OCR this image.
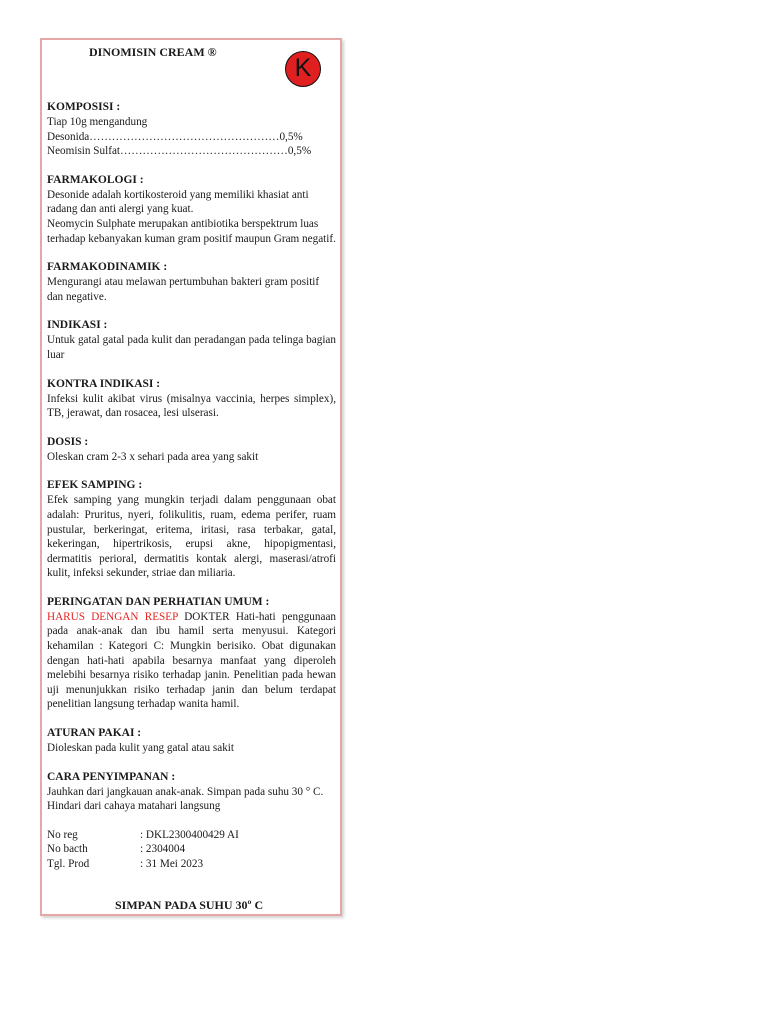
DINOMISIN CREAM ®
K
KOMPOSISI :
Tiap 10g mengandung
Desonida……………………………………………0,5%
Neomisin Sulfat………………………………………0,5%
FARMAKOLOGI :
Desonide adalah kortikosteroid yang memiliki khasiat anti radang dan anti alergi yang kuat.
Neomycin Sulphate merupakan antibiotika berspektrum luas terhadap kebanyakan kuman gram positif maupun Gram negatif.
FARMAKODINAMIK :
Mengurangi atau melawan pertumbuhan bakteri gram positif dan negative.
INDIKASI :
Untuk gatal gatal pada kulit dan peradangan pada telinga bagian luar
KONTRA INDIKASI :
Infeksi kulit akibat virus (misalnya vaccinia, herpes simplex), TB, jerawat, dan rosacea, lesi ulserasi.
DOSIS :
Oleskan cram 2-3 x sehari pada area yang sakit
EFEK SAMPING :
Efek samping yang mungkin terjadi dalam penggunaan obat adalah: Pruritus, nyeri, folikulitis, ruam, edema perifer, ruam pustular, berkeringat, eritema, iritasi, rasa terbakar, gatal, kekeringan, hipertrikosis, erupsi akne, hipopigmentasi, dermatitis perioral, dermatitis kontak alergi, maserasi/atrofi kulit, infeksi sekunder, striae dan miliaria.
PERINGATAN DAN PERHATIAN UMUM :
HARUS DENGAN RESEP DOKTER Hati-hati penggunaan pada anak-anak dan ibu hamil serta menyusui. Kategori kehamilan : Kategori C: Mungkin berisiko. Obat digunakan dengan hati-hati apabila besarnya manfaat yang diperoleh melebihi besarnya risiko terhadap janin. Penelitian pada hewan uji menunjukkan risiko terhadap janin dan belum terdapat penelitian langsung terhadap wanita hamil.
ATURAN PAKAI :
Dioleskan pada kulit yang gatal atau sakit
CARA PENYIMPANAN :
Jauhkan dari jangkauan anak-anak. Simpan pada suhu 30 ° C. Hindari dari cahaya matahari langsung
No reg	: DKL2300400429 AI
No bacth	: 2304004
Tgl. Prod	: 31 Mei 2023
SIMPAN PADA SUHU 30º C
